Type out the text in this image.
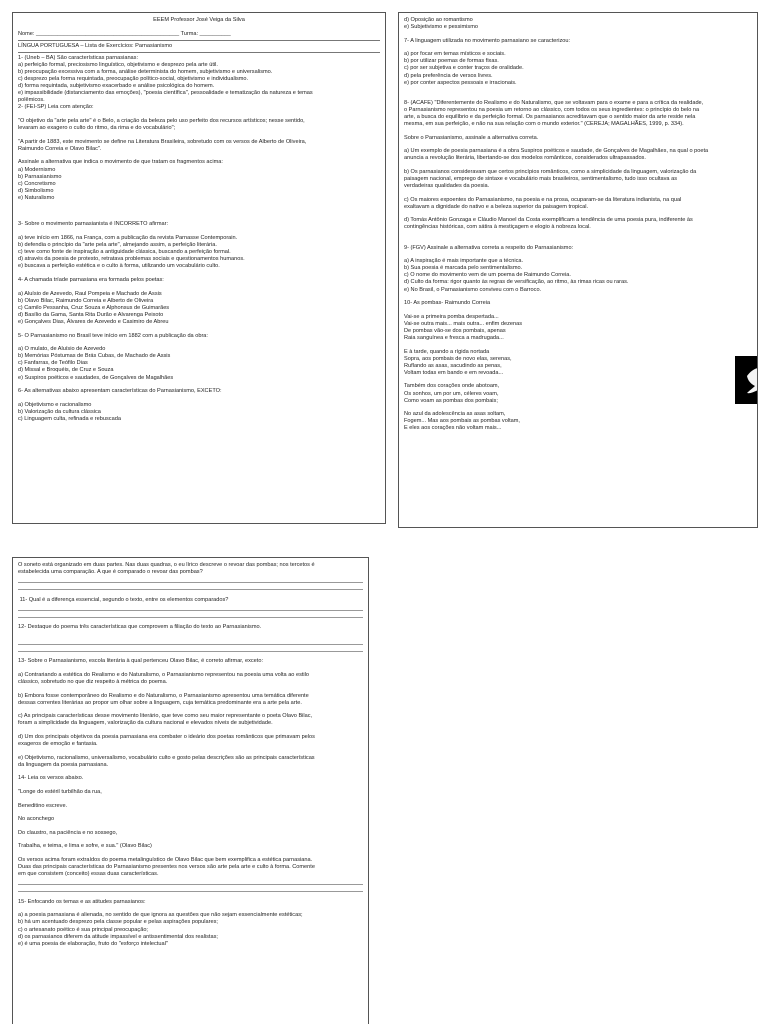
EEEM Professor José Veiga da Silva
Nome: ______________________________________________ Turma: __________
LÍNGUA PORTUGUESA – Lista de Exercícios: Parnasianismo
1- (Uneb – BA) São características parnasianas:
a) perfeição formal, preciosismo linguístico, objetivismo e desprezo pela arte útil.
b) preocupação excessiva com a forma, análise determinista do homem, subjetivismo e universalismo.
c) desprezo pela forma requintada, preocupação político-social, objetivismo e individualismo.
d) forma requintada, subjetivismo exacerbado e análise psicológica do homem.
e) impassibilidade (distanciamento das emoções), "poesia científica", pessoalidade e tematização da natureza e temas
polêmicos.
2- (FEI-SP) Leia com atenção:
"O objetivo da "arte pela arte" é o Belo, a criação da beleza pelo uso perfeito dos recursos artísticos; nesse sentido,
levaram ao exagero o culto do ritmo, da rima e do vocabulário";
"A partir de 1883, este movimento se define na Literatura Brasileira, sobretudo com os versos de Alberto de Oliveira,
Raimundo Correia e Olavo Bilac".
Assinale a alternativa que indica o movimento de que tratam os fragmentos acima:
a) Modernismo
b) Parnasianismo
c) Concretismo
d) Simbolismo
e) Naturalismo
3- Sobre o movimento parnasianista é INCORRETO afirmar:
a) teve início em 1866, na França, com a publicação da revista Parnasse Contemporain.
b) defendia o princípio da "arte pela arte", almejando assim, a perfeição literária.
c) teve como fonte de inspiração a antiguidade clássica, buscando a perfeição formal.
d) através da poesia de protesto, retratava problemas sociais e questionamentos humanos.
e) buscava a perfeição estética e o culto à forma, utilizando um vocabulário culto.
4- A chamada tríade parnasiana era formada pelos poetas:
a) Aluísio de Azevedo, Raul Pompeia e Machado de Assis
b) Olavo Bilac, Raimundo Correia e Alberto de Oliveira
c) Camilo Pessanha, Cruz Souza e Alphonsus de Guimarães
d) Basílio da Gama, Santa Rita Durão e Alvarenga Peixoto
e) Gonçalves Dias, Álvares de Azevedo e Casimiro de Abreu
5- O Parnasianismo no Brasil teve início em 1882 com a publicação da obra:
a) O mulato, de Aluísio de Azevedo
b) Memórias Póstumas de Brás Cubas, de Machado de Assis
c) Fanfarras, de Teófilo Dias
d) Missal e Broquéis, de Cruz e Souza
e) Suspiros poéticos e saudades, de Gonçalves de Magalhães
6- As alternativas abaixo apresentam características do Parnasianismo, EXCETO:
a) Objetivismo e racionalismo
b) Valorização da cultura clássica
c) Linguagem culta, refinada e rebuscada
d) Oposição ao romantismo
e) Subjetivismo e pessimismo
7- A linguagem utilizada no movimento parnasiano se caracterizou:
a) por focar em temas místicos e sociais.
b) por utilizar poemas de formas fixas.
c) por ser subjetiva e conter traços de oralidade.
d) pela preferência de versos livres.
e) por conter aspectos pessoais e irracionais.
8- (ACAFE) "Diferentemente do Realismo e do Naturalismo, que se voltavam para o exame e para a crítica da realidade,
o Parnasianismo representou na poesia um retorno ao clássico, com todos os seus ingredientes: o princípio do belo na
arte, a busca do equilíbrio e da perfeição formal. Os parnasianos acreditavam que o sentido maior da arte reside nela
mesma, em sua perfeição, e não na sua relação com o mundo exterior." (CEREJA; MAGALHÃES, 1999, p. 334).
Sobre o Parnasianismo, assinale a alternativa correta.
a) Um exemplo de poesia parnasiana é a obra Suspiros poéticos e saudade, de Gonçalves de Magalhães, na qual o poeta
anuncia a revolução literária, libertando-se dos modelos românticos, considerados ultrapassados.
b) Os parnasianos consideravam que certos princípios românticos, como a simplicidade da linguagem, valorização da
paisagem nacional, emprego de sintaxe e vocabulário mais brasileiros, sentimentalismo, tudo isso ocultava as
verdadeiras qualidades da poesia.
c) Os maiores expoentes do Parnasianismo, na poesia e na prosa, ocuparam-se da literatura indianista, na qual
exaltavam a dignidade do nativo e a beleza superior da paisagem tropical.
d) Tomás Antônio Gonzaga e Cláudio Manoel da Costa exemplificam a tendência de uma poesia pura, indiferente às
contingências históricas, com sátira à mestiçagem e elogio à nobreza local.
9- (FGV) Assinale a alternativa correta a respeito do Parnasianismo:
a) A inspiração é mais importante que a técnica.
b) Sua poesia é marcada pelo sentimentalismo.
c) O nome do movimento vem de um poema de Raimundo Correia.
d) Culto da forma: rigor quanto às regras de versificação, ao ritmo, às rimas ricas ou raras.
e) No Brasil, o Parnasianismo conviveu com o Barroco.
10- As pombas- Raimundo Correia
Vai-se a primeira pomba despertada...
Vai-se outra mais... mais outra... enfim dezenas
De pombas vão-se dos pombais, apenas
Raia sanguínea e fresca a madrugada...
E à tarde, quando a rígida nortada
Sopra, aos pombais de novo elas, serenas,
Ruflando as asas, sacudindo as penas,
Voltam todas em bando e em revoada...
Também dos corações onde abotoam,
Os sonhos, um por um, céleres voam,
Como voam as pombas dos pombais;
No azul da adolescência as asas soltam,
Fogem... Mas aos pombais as pombas voltam,
E eles aos corações não voltam mais...
O soneto está organizado em duas partes. Nas duas quadras, o eu lírico descreve o revoar das pombas; nos tercetos é
estabelecida uma comparação. A que é comparado o revoar das pombas?
11- Qual é a diferença essencial, segundo o texto, entre os elementos comparados?
12- Destaque do poema três características que comprovem a filiação do texto ao Parnasianismo.
13- Sobre o Parnasianismo, escola literária à qual pertenceu Olavo Bilac, é correto afirmar, exceto:
a) Contrariando a estética do Realismo e do Naturalismo, o Parnasianismo representou na poesia uma volta ao estilo
clássico, sobretudo no que diz respeito à métrica do poema.
b) Embora fosse contemporâneo do Realismo e do Naturalismo, o Parnasianismo apresentou uma temática diferente
dessas correntes literárias ao propor um olhar sobre a linguagem, cuja temática predominante era a arte pela arte.
c) As principais características desse movimento literário, que teve como seu maior representante o poeta Olavo Bilac,
foram a simplicidade da linguagem, valorização da cultura nacional e elevados níveis de subjetividade.
d) Um dos principais objetivos da poesia parnasiana era combater o ideário dos poetas românticos que primavam pelos
exageros de emoção e fantasia.
e) Objetivismo, racionalismo, universalismo, vocabulário culto e gosto pelas descrições são as principais características
da linguagem da poesia parnasiana.
14- Leia os versos abaixo.
"Longe do estéril turbilhão da rua,
Beneditino escreve.
No aconchego
Do claustro, na paciência e no sossego,
Trabalha, e teima, e lima e sofre, e sua." (Olavo Bilac)
Os versos acima foram extraídos do poema metalinguístico de Olavo Bilac que bem exemplifica a estética parnasiana.
Duas das principais características do Parnasianismo presentes nos versos são arte pela arte e culto à forma. Comente
em que consistem (conceito) essas duas características.
15- Enfocando os temas e as atitudes parnasianos:
a) a poesia parnasiana é alienada, no sentido de que ignora as questões que não sejam essencialmente estéticas;
b) há um acentuado desprezo pela classe popular e pelas aspirações populares;
c) o artesanato poético é sua principal preocupação;
d) os parnasianos diferem da atitude impassível e antissentimental dos realistas;
e) é uma poesia de elaboração, fruto do "esforço intelectual"
